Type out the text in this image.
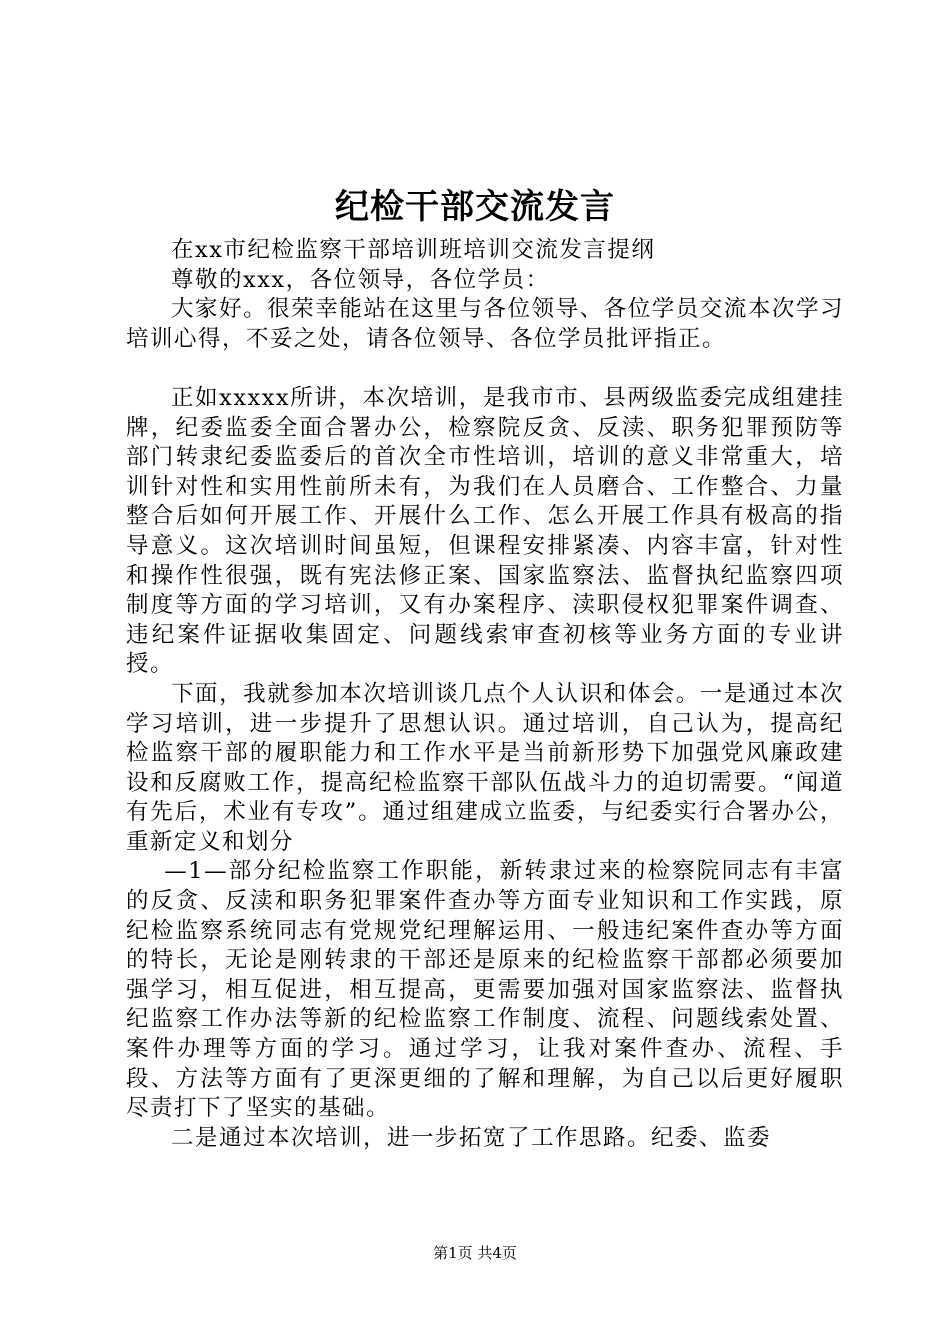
纪检干部交流发言

在xx市纪检监察干部培训班培训交流发言提纲

尊敬的xxx，各位领导，各位学员：

大家好。很荣幸能站在这里与各位领导、各位学员交流本次学习培训心得，不妥之处，请各位领导、各位学员批评指正。

正如xxxxx所讲，本次培训，是我市市、县两级监委完成组建挂牌，纪委监委全面合署办公，检察院反贪、反渎、职务犯罪预防等部门转隶纪委监委后的首次全市性培训，培训的意义非常重大，培训针对性和实用性前所未有，为我们在人员磨合、工作整合、力量整合后如何开展工作、开展什么工作、怎么开展工作具有极高的指导意义。这次培训时间虽短，但课程安排紧凑、内容丰富，针对性和操作性很强，既有宪法修正案、国家监察法、监督执纪监察四项制度等方面的学习培训，又有办案程序、渎职侵权犯罪案件调查、违纪案件证据收集固定、问题线索审查初核等业务方面的专业讲授。

下面，我就参加本次培训谈几点个人认识和体会。一是通过本次学习培训，进一步提升了思想认识。通过培训，自己认为，提高纪检监察干部的履职能力和工作水平是当前新形势下加强党风廉政建设和反腐败工作，提高纪检监察干部队伍战斗力的迫切需要。“闻道有先后，术业有专攻”。通过组建成立监委，与纪委实行合署办公，重新定义和划分

—1—部分纪检监察工作职能，新转隶过来的检察院同志有丰富的反贪、反渎和职务犯罪案件查办等方面专业知识和工作实践，原纪检监察系统同志有党规党纪理解运用、一般违纪案件查办等方面的特长，无论是刚转隶的干部还是原来的纪检监察干部都必须要加强学习，相互促进，相互提高，更需要加强对国家监察法、监督执纪监察工作办法等新的纪检监察工作制度、流程、问题线索处置、案件办理等方面的学习。通过学习，让我对案件查办、流程、手段、方法等方面有了更深更细的了解和理解，为自己以后更好履职尽责打下了坚实的基础。

二是通过本次培训，进一步拓宽了工作思路。纪委、监委

第1页 共4页
